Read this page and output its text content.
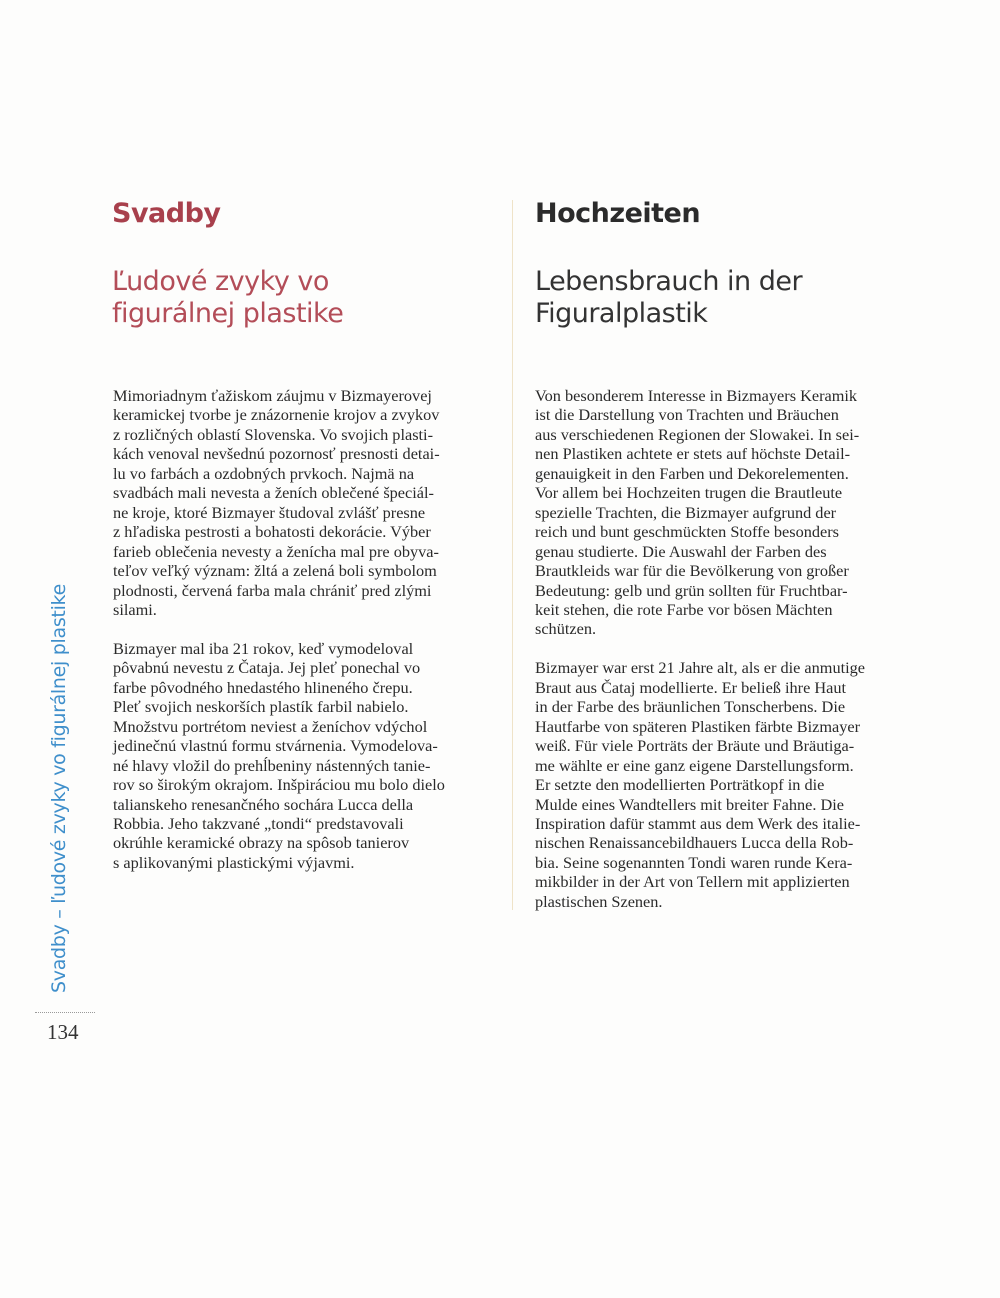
Svadby
Ľudové zvyky vo
figurálnej plastike
Hochzeiten
Lebensbrauch in der
Figuralplastik

Mimoriadnym ťažiskom záujmu v Bizmayerovej
keramickej tvorbe je znázornenie krojov a zvykov
z rozličných oblastí Slovenska. Vo svojich plasti-
kách venoval nevšednú pozornosť presnosti detai-
lu vo farbách a ozdobných prvkoch. Najmä na
svadbách mali nevesta a ženích oblečené špeciál-
ne kroje, ktoré Bizmayer študoval zvlášť presne
z hľadiska pestrosti a bohatosti dekorácie. Výber
farieb oblečenia nevesty a ženícha mal pre obyva-
teľov veľký význam: žltá a zelená boli symbolom
plodnosti, červená farba mala chrániť pred zlými
silami.

Bizmayer mal iba 21 rokov, keď vymodeloval
pôvabnú nevestu z Čataja. Jej pleť ponechal vo
farbe pôvodného hnedastého hlineného črepu.
Pleť svojich neskorších plastík farbil nabielo.
Množstvu portrétom neviest a ženíchov vdýchol
jedinečnú vlastnú formu stvárnenia. Vymodelova-
né hlavy vložil do prehĺbeniny nástenných tanie-
rov so širokým okrajom. Inšpiráciou mu bolo dielo
talianskeho renesančného sochára Lucca della
Robbia. Jeho takzvané „tondi“ predstavovali
okrúhle keramické obrazy na spôsob tanierov
s aplikovanými plastickými výjavmi.

Von besonderem Interesse in Bizmayers Keramik
ist die Darstellung von Trachten und Bräuchen
aus verschiedenen Regionen der Slowakei. In sei-
nen Plastiken achtete er stets auf höchste Detail-
genauigkeit in den Farben und Dekorelementen.
Vor allem bei Hochzeiten trugen die Brautleute
spezielle Trachten, die Bizmayer aufgrund der
reich und bunt geschmückten Stoffe besonders
genau studierte. Die Auswahl der Farben des
Brautkleids war für die Bevölkerung von großer
Bedeutung: gelb und grün sollten für Fruchtbar-
keit stehen, die rote Farbe vor bösen Mächten
schützen.

Bizmayer war erst 21 Jahre alt, als er die anmutige
Braut aus Čataj modellierte. Er beließ ihre Haut
in der Farbe des bräunlichen Tonscherbens. Die
Hautfarbe von späteren Plastiken färbte Bizmayer
weiß. Für viele Porträts der Bräute und Bräutiga-
me wählte er eine ganz eigene Darstellungsform.
Er setzte den modellierten Porträtkopf in die
Mulde eines Wandtellers mit breiter Fahne. Die
Inspiration dafür stammt aus dem Werk des italie-
nischen Renaissancebildhauers Lucca della Rob-
bia. Seine sogenannten Tondi waren runde Kera-
mikbilder in der Art von Tellern mit applizierten
plastischen Szenen.

Svadby – ľudové zvyky vo figurálnej plastike
134
